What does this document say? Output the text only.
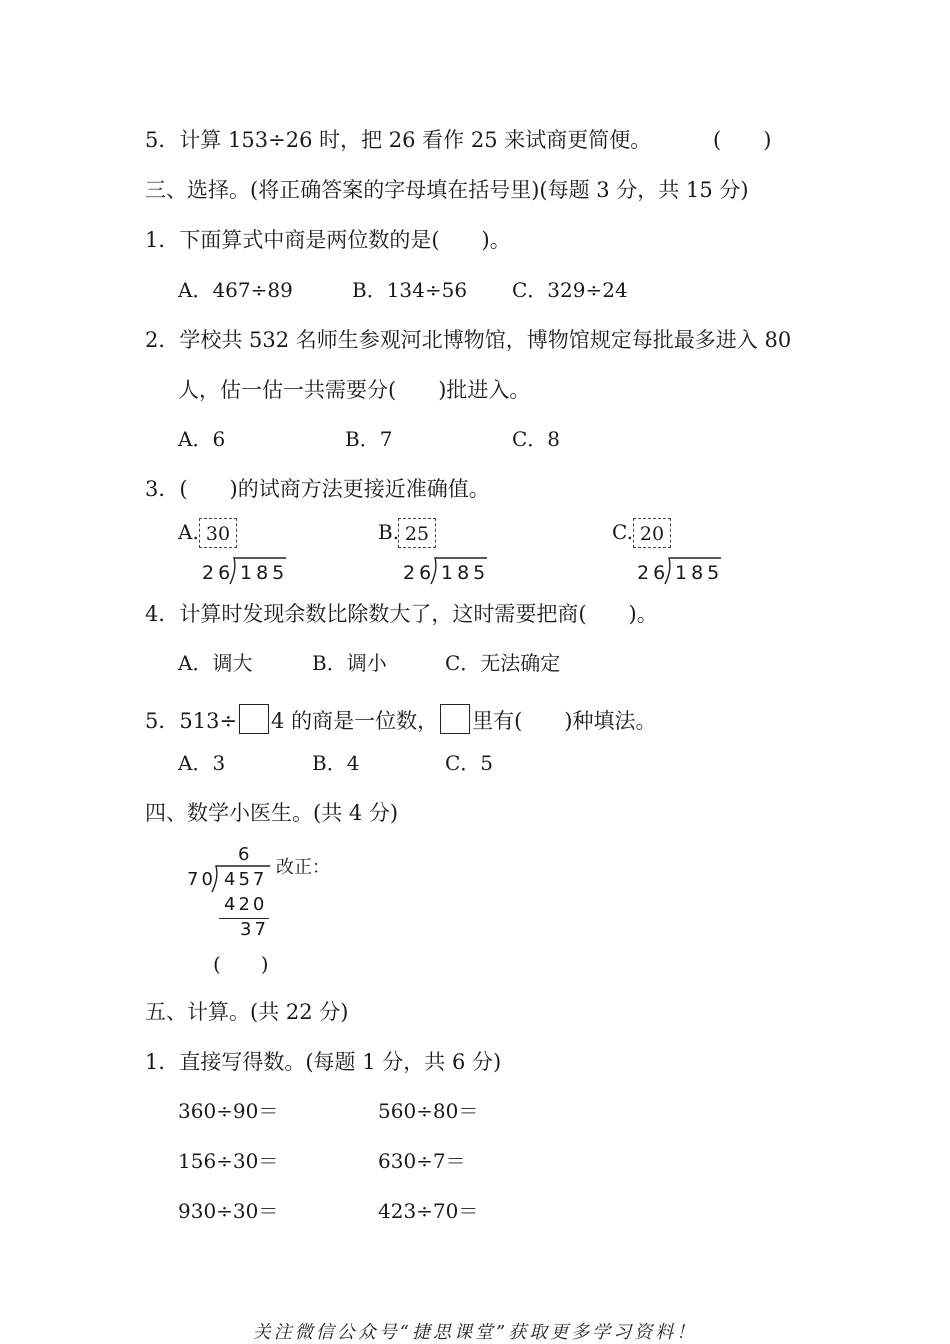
5．计算 153÷26 时，把 26 看作 25 来试商更简便。	(　　)
三、选择。(将正确答案的字母填在括号里)(每题 3 分，共 15 分)
1．下面算式中商是两位数的是(　　)。
A．467÷89	B．134÷56 C．329÷24
2．学校共 532 名师生参观河北博物馆，博物馆规定每批最多进入 80
人，估一估一共需要分(　　)批进入。
A．6	B．7	C．8
3．(　　)的试商方法更接近准确值。
A. 30
26 185
B. 25
26 185
C. 20
26 185
4．计算时发现余数比除数大了，这时需要把商(　　)。
A．调大	B．调小	C．无法确定
5．513÷ 4 的商是一位数， 里有(　　)种填法。
A．3	B．4	C．5
四、数学小医生。(共 4 分)
6
70 457
420
37
改正：
(　　)
五、计算。(共 22 分)
1．直接写得数。(每题 1 分，共 6 分)
360÷90＝	560÷80＝
156÷30＝	630÷7＝
930÷30＝	423÷70＝
关注微信公众号“捷思课堂”获取更多学习资料！
